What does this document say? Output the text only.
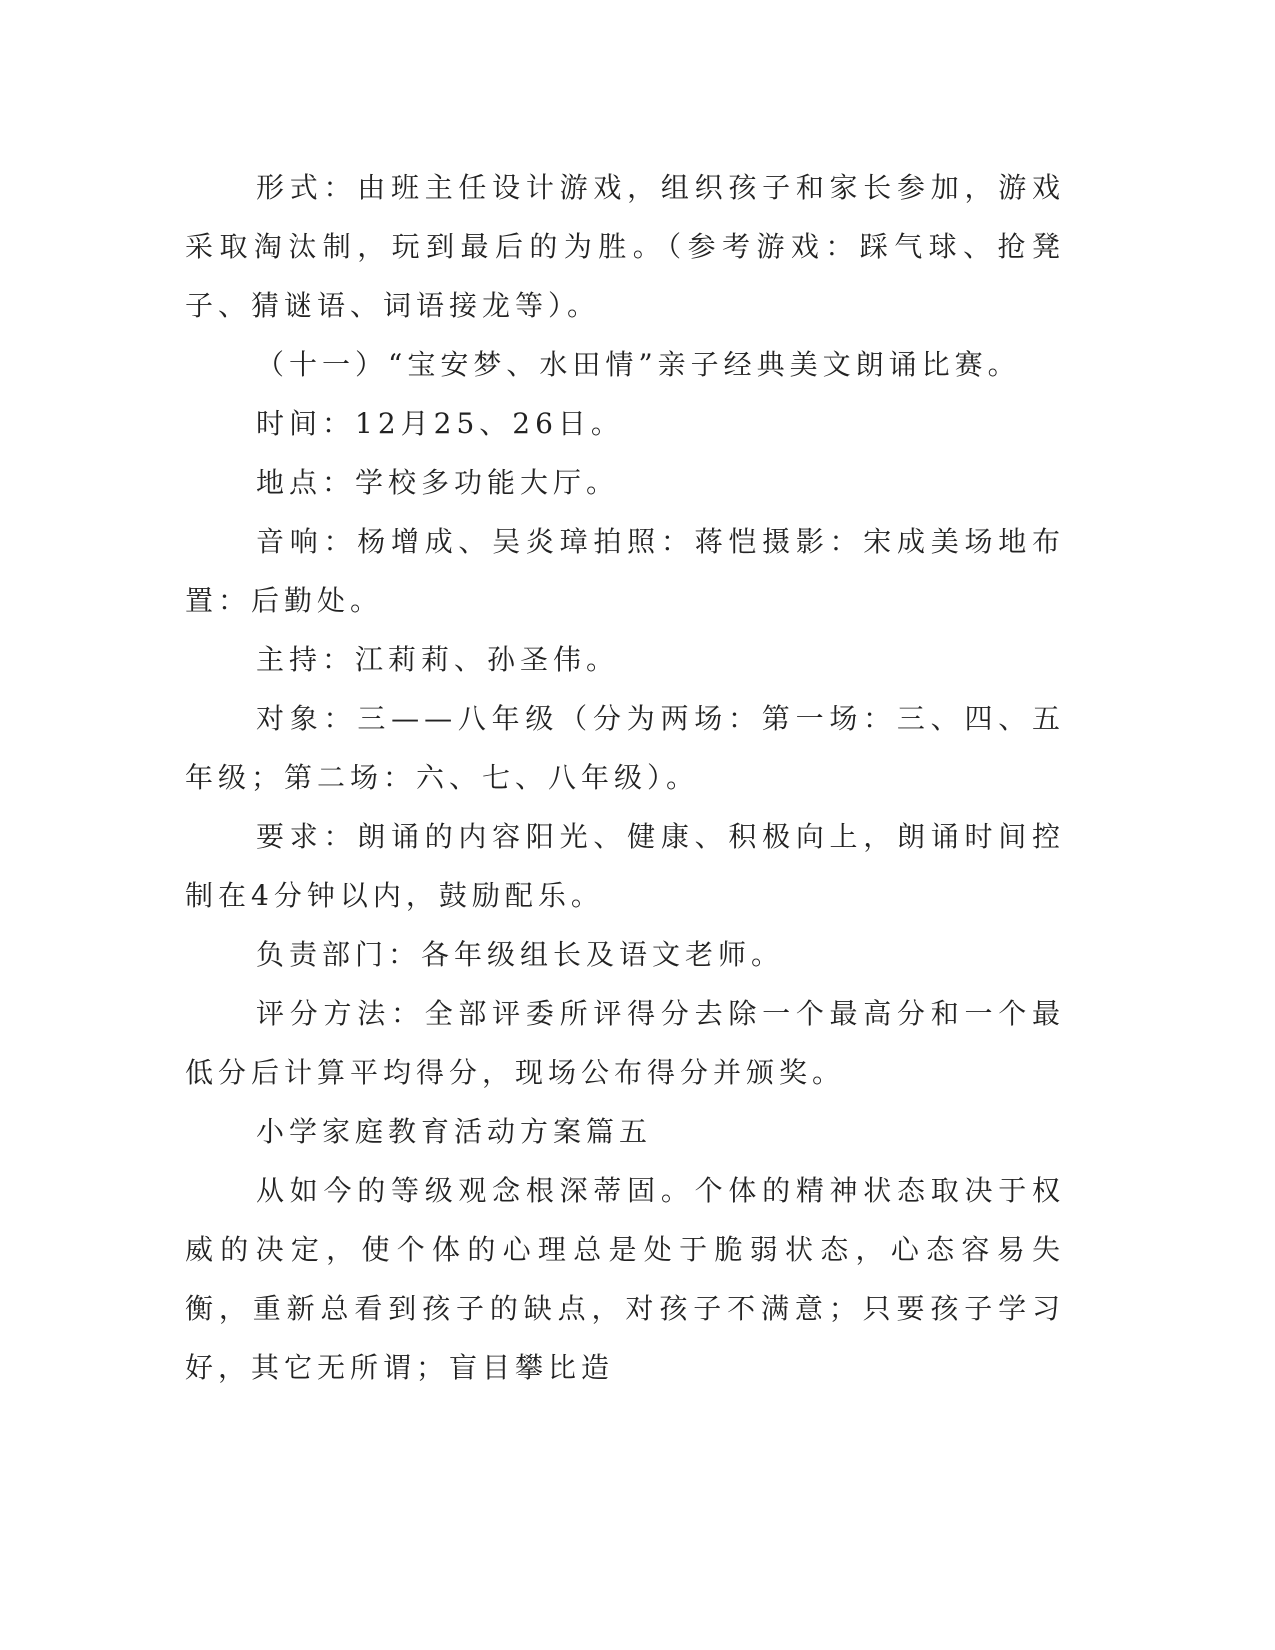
形式：由班主任设计游戏，组织孩子和家长参加，游戏采取淘汰制，玩到最后的为胜。（参考游戏：踩气球、抢凳子、猜谜语、词语接龙等）。

（十一）“宝安梦、水田情”亲子经典美文朗诵比赛。

时间：12月25、26日。

地点：学校多功能大厅。

音响：杨增成、吴炎璋拍照：蒋恺摄影：宋成美场地布置：后勤处。

主持：江莉莉、孙圣伟。

对象：三——八年级（分为两场：第一场：三、四、五年级；第二场：六、七、八年级）。

要求：朗诵的内容阳光、健康、积极向上，朗诵时间控制在4分钟以内，鼓励配乐。

负责部门：各年级组长及语文老师。

评分方法：全部评委所评得分去除一个最高分和一个最低分后计算平均得分，现场公布得分并颁奖。

小学家庭教育活动方案篇五

从如今的等级观念根深蒂固。个体的精神状态取决于权威的决定，使个体的心理总是处于脆弱状态，心态容易失衡，重新总看到孩子的缺点，对孩子不满意；只要孩子学习好，其它无所谓；盲目攀比造
